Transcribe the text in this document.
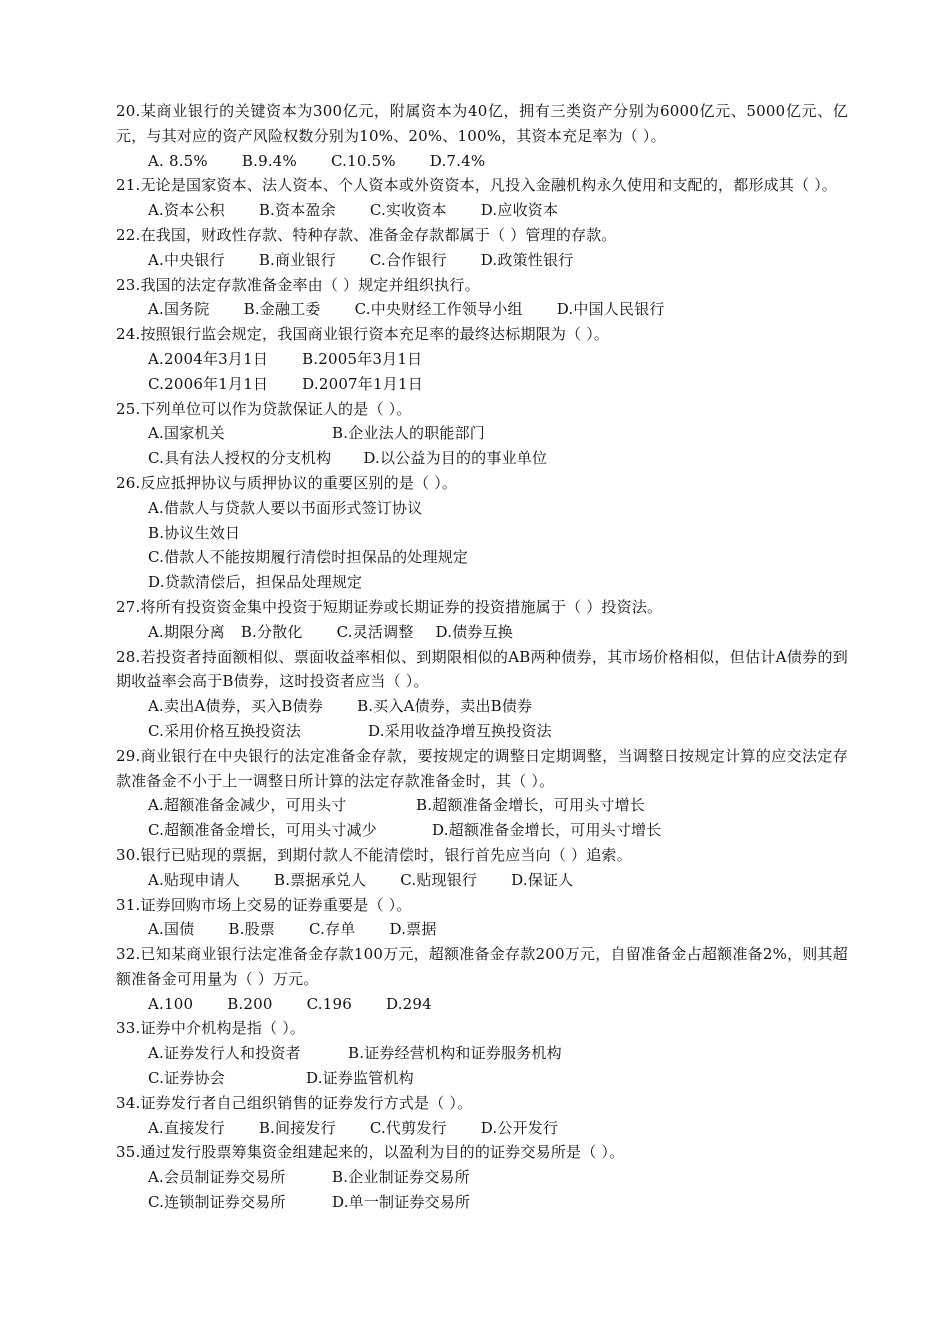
20.某商业银行的关键资本为300亿元，附属资本为40亿，拥有三类资产分别为6000亿元、5000亿元、亿元，与其对应的资产风险权数分别为10%、20%、100%，其资本充足率为（ ）。
A. 8.5% B.9.4% C.10.5% D.7.4%
21.无论是国家资本、法人资本、个人资本或外资资本，凡投入金融机构永久使用和支配的，都形成其（ ）。
A.资本公积 B.资本盈余 C.实收资本 D.应收资本
22.在我国，财政性存款、特种存款、准备金存款都属于（ ）管理的存款。
A.中央银行 B.商业银行 C.合作银行 D.政策性银行
23.我国的法定存款准备金率由（ ）规定并组织执行。
A.国务院 B.金融工委 C.中央财经工作领导小组 D.中国人民银行
24.按照银行监会规定，我国商业银行资本充足率的最终达标期限为（ ）。
A.2004年3月1日 B.2005年3月1日
C.2006年1月1日 D.2007年1月1日
25.下列单位可以作为贷款保证人的是（ ）。
A.国家机关	B.企业法人的职能部门
C.具有法人授权的分支机构 D.以公益为目的的事业单位
26.反应抵押协议与质押协议的重要区别的是（ ）。
A.借款人与贷款人要以书面形式签订协议
B.协议生效日
C.借款人不能按期履行清偿时担保品的处理规定
D.贷款清偿后，担保品处理规定
27.将所有投资资金集中投资于短期证券或长期证券的投资措施属于（ ）投资法。
A.期限分离 B.分散化 C.灵活调整 D.债券互换
28.若投资者持面额相似、票面收益率相似、到期限相似的AB两种债券，其市场价格相似，但估计A债券的到期收益率会高于B债券，这时投资者应当（ ）。
A.卖出A债券，买入B债券 B.买入A债券，卖出B债券
C.采用价格互换投资法	D.采用收益净增互换投资法
29.商业银行在中央银行的法定准备金存款，要按规定的调整日定期调整，当调整日按规定计算的应交法定存款准备金不小于上一调整日所计算的法定存款准备金时，其（ ）。
A.超额准备金减少，可用头寸	B.超额准备金增长，可用头寸增长
C.超额准备金增长，可用头寸减少	D.超额准备金增长，可用头寸增长
30.银行已贴现的票据，到期付款人不能清偿时，银行首先应当向（ ）追索。
A.贴现申请人 B.票据承兑人 C.贴现银行 D.保证人
31.证券回购市场上交易的证券重要是（ ）。
A.国债 B.股票 C.存单 D.票据
32.已知某商业银行法定准备金存款100万元，超额准备金存款200万元，自留准备金占超额准备2%，则其超额准备金可用量为（ ）万元。
A.100 B.200 C.196 D.294
33.证券中介机构是指（ ）。
A.证券发行人和投资者	B.证券经营机构和证券服务机构
C.证券协会	D.证券监管机构
34.证券发行者自己组织销售的证券发行方式是（ ）。
A.直接发行 B.间接发行 C.代剪发行 D.公开发行
35.通过发行股票筹集资金组建起来的，以盈利为目的的证券交易所是（ ）。
A.会员制证券交易所	B.企业制证券交易所
C.连锁制证券交易所	D.单一制证券交易所
